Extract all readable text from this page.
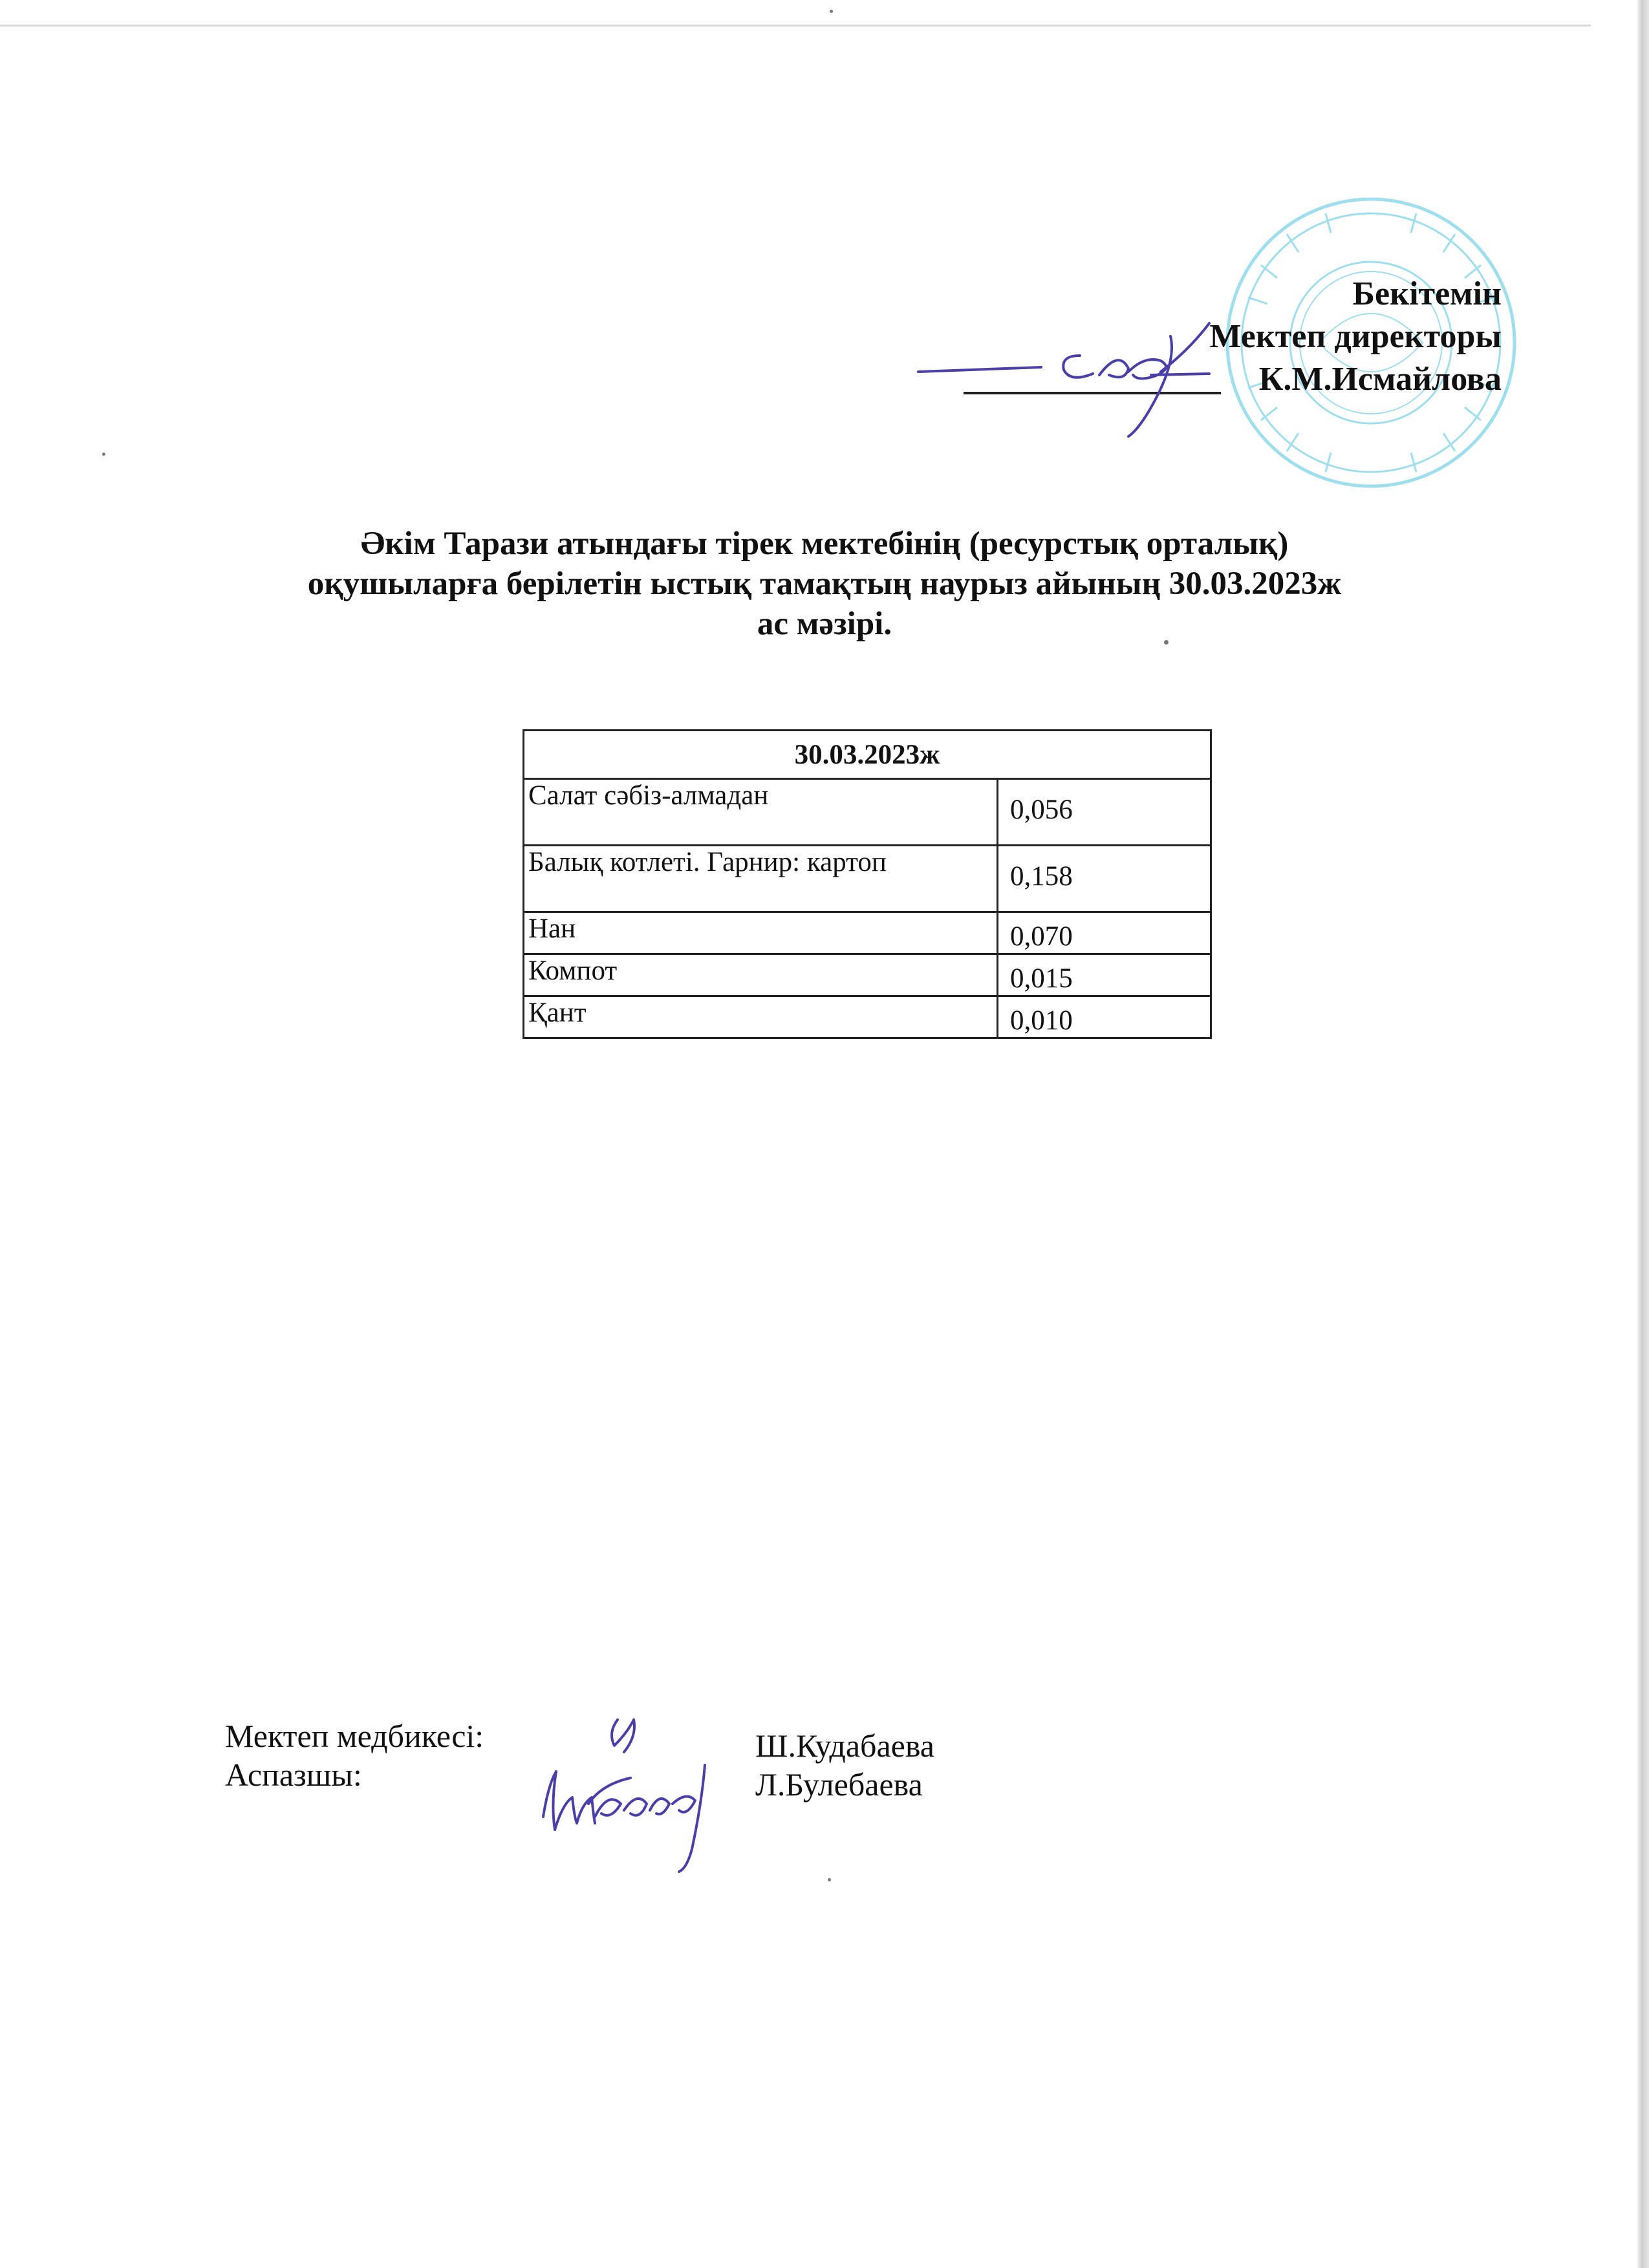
Бекітемін
Мектеп директоры
К.М.Исмайлова
Әкім Тарази атындағы тірек мектебінің (ресурстық орталық)
оқушыларға берілетін ыстық тамақтың наурыз айының 30.03.2023ж
ас мәзірі.
30.03.2023ж	
Салат сәбіз-алмадан	0,056
Балық котлеті. Гарнир: картоп	0,158
Нан	0,070
Компот	0,015
Қант	0,010
Мектеп медбикесі:
Аспазшы:
Ш.Кудабаева
Л.Булебаева
